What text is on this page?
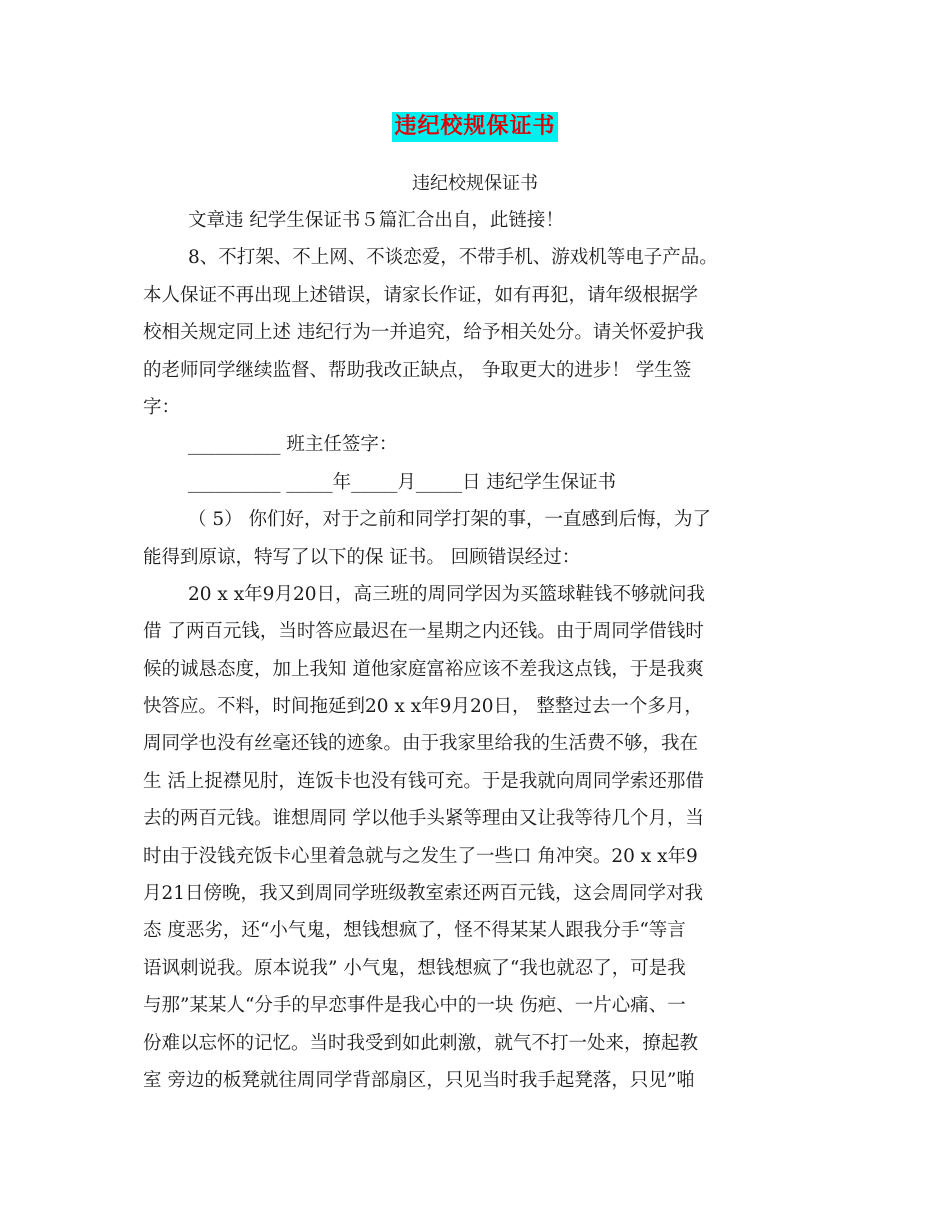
违纪校规保证书
违纪校规保证书
文章违 纪学生保证书５篇汇合出自，此链接！
8、不打架、不上网、不谈恋爱，不带手机、游戏机等电子产品。
本人保证不再出现上述错误，请家长作证，如有再犯，请年级根据学
校相关规定同上述 违纪行为一并追究，给予相关处分。请关怀爱护我
的老师同学继续监督、帮助我改正缺点， 争取更大的进步！ 学生签
字：
__________ 班主任签字：
__________ _____年_____月_____日 违纪学生保证书
（ 5） 你们好，对于之前和同学打架的事，一直感到后悔，为了
能得到原谅，特写了以下的保 证书。 回顾错误经过：
20 x x年9月20日，高三班的周同学因为买篮球鞋钱不够就问我
借 了两百元钱，当时答应最迟在一星期之内还钱。由于周同学借钱时
候的诚恳态度，加上我知 道他家庭富裕应该不差我这点钱，于是我爽
快答应。不料，时间拖延到20 x x年9月20日， 整整过去一个多月，
周同学也没有丝毫还钱的迹象。由于我家里给我的生活费不够，我在
生 活上捉襟见肘，连饭卡也没有钱可充。于是我就向周同学索还那借
去的两百元钱。谁想周同 学以他手头紧等理由又让我等待几个月，当
时由于没钱充饭卡心里着急就与之发生了一些口 角冲突。20 x x年9
月21日傍晚，我又到周同学班级教室索还两百元钱，这会周同学对我
态 度恶劣，还“小气鬼，想钱想疯了，怪不得某某人跟我分手“等言
语讽刺说我。原本说我” 小气鬼，想钱想疯了“我也就忍了，可是我
与那”某某人“分手的早恋事件是我心中的一块 伤疤、一片心痛、一
份难以忘怀的记忆。当时我受到如此刺激，就气不打一处来，撩起教
室 旁边的板凳就往周同学背部扇区，只见当时我手起凳落，只见”啪
